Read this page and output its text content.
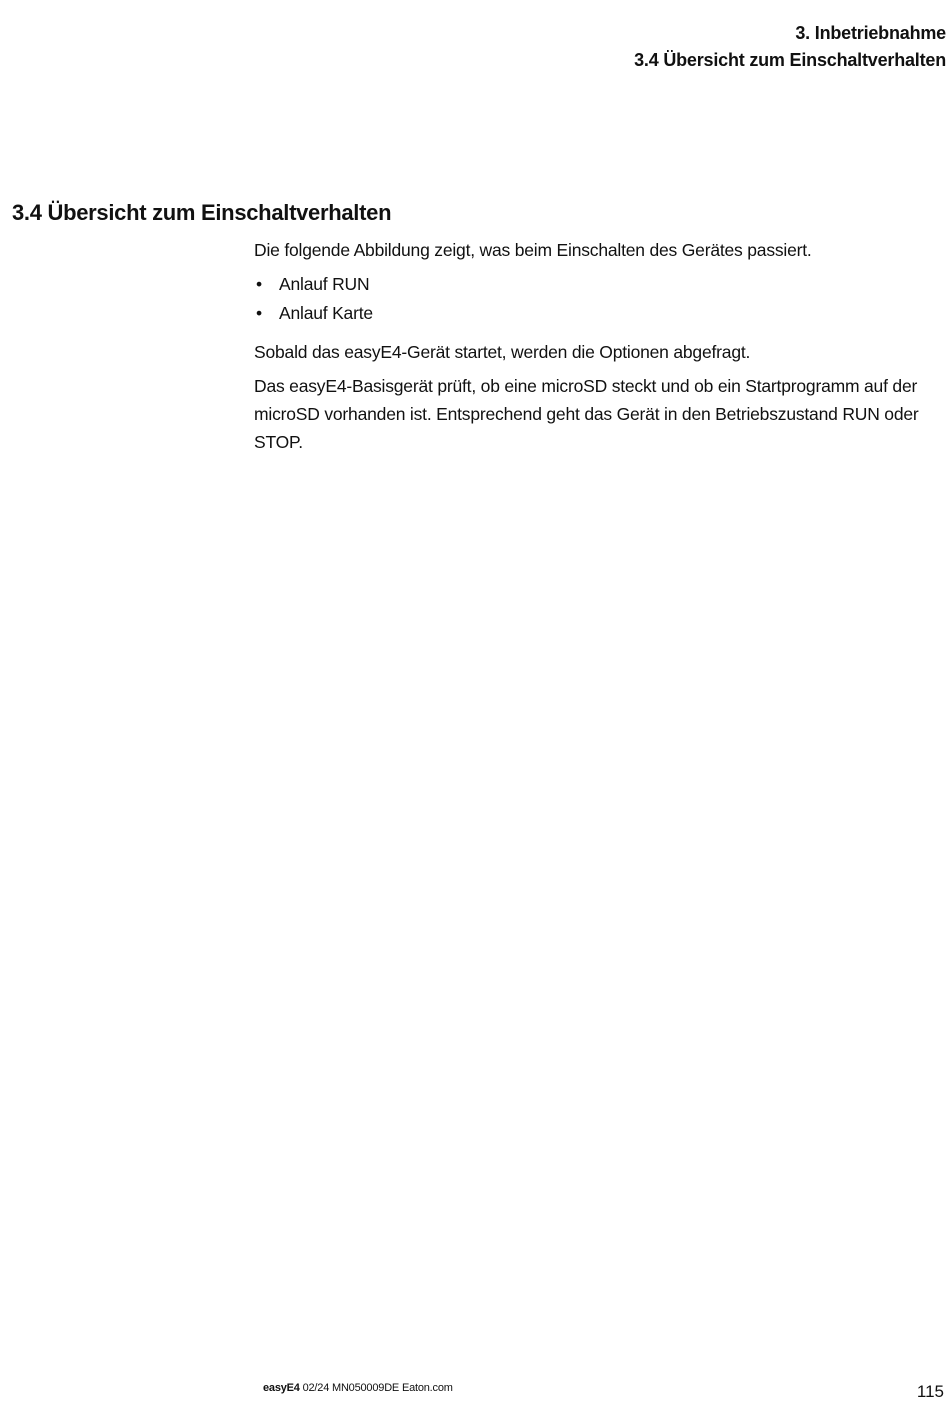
3. Inbetriebnahme
3.4 Übersicht zum Einschaltverhalten
3.4 Übersicht zum Einschaltverhalten

Die folgende Abbildung zeigt, was beim Einschalten des Gerätes passiert.

• Anlauf RUN
• Anlauf Karte

Sobald das easyE4-Gerät startet, werden die Optionen abgefragt.

Das easyE4-Basisgerät prüft, ob eine microSD steckt und ob ein Startprogramm auf der microSD vorhanden ist. Entsprechend geht das Gerät in den Betriebszustand RUN oder STOP.

easyE4 02/24 MN050009DE Eaton.com	115
